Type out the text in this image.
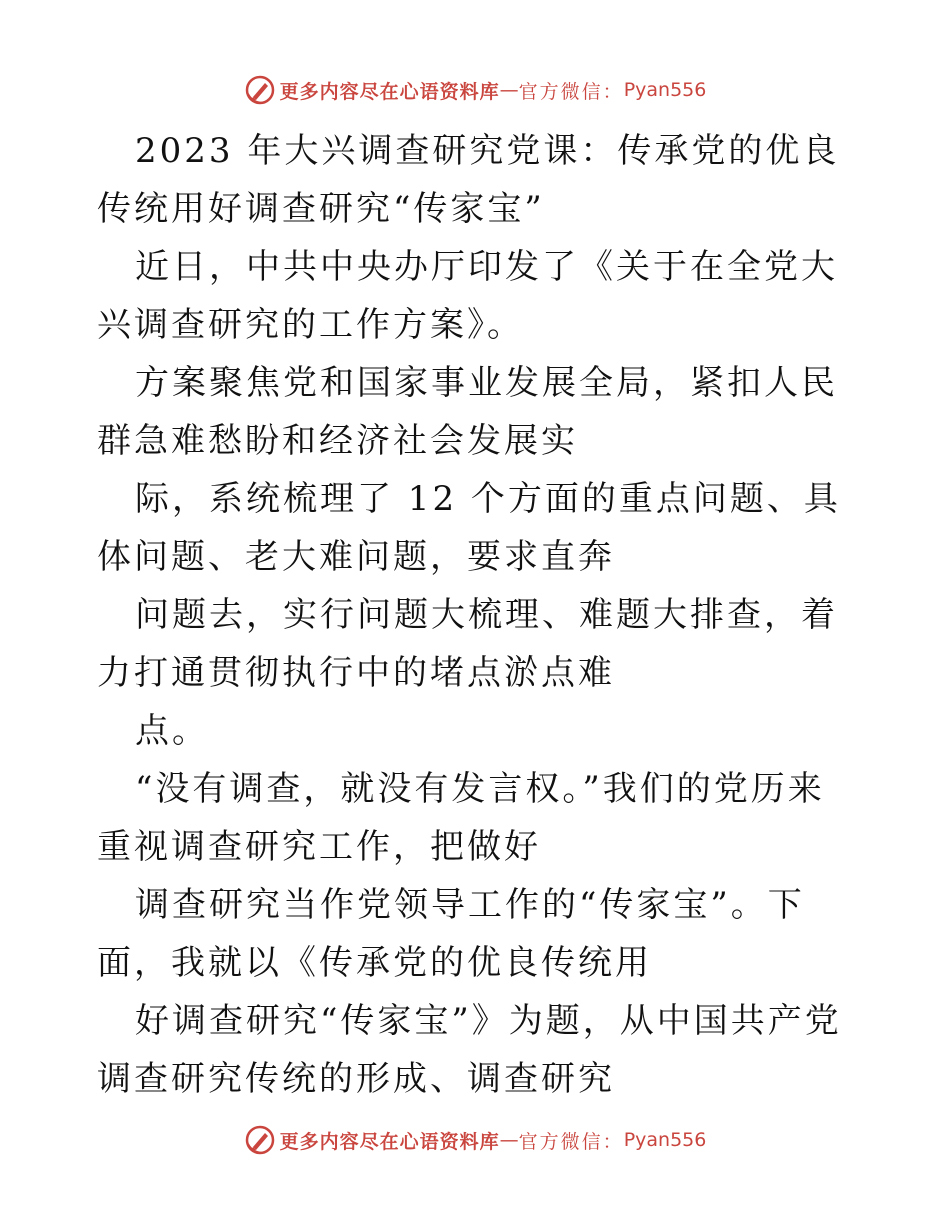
更多内容尽在心语资料库 — 官方微信： Pyan556

2023 年大兴调查研究党课：传承党的优良传统用好调查研究“传家宝”

近日，中共中央办厅印发了《关于在全党大兴调查研究的工作方案》。

方案聚焦党和国家事业发展全局，紧扣人民群急难愁盼和经济社会发展实

际，系统梳理了 12 个方面的重点问题、具体问题、老大难问题，要求直奔

问题去，实行问题大梳理、难题大排查，着力打通贯彻执行中的堵点淤点难

点。

“没有调查，就没有发言权。”我们的党历来重视调查研究工作，把做好

调查研究当作党领导工作的“传家宝”。下面，我就以《传承党的优良传统用

好调查研究“传家宝”》为题，从中国共产党调查研究传统的形成、调查研究

更多内容尽在心语资料库 — 官方微信： Pyan556
